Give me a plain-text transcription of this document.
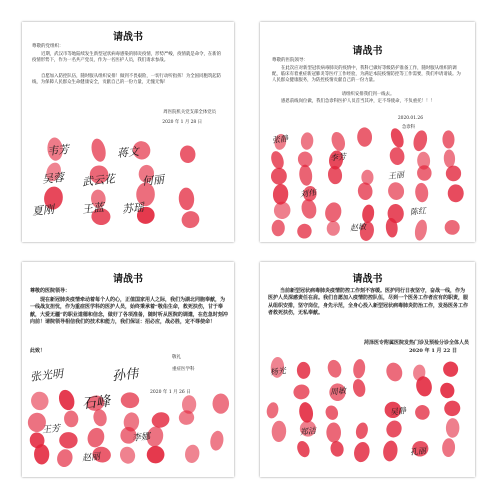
请战书
尊敬的党组织：
近期，武汉市等地陆续发生新型冠状病毒感染的肺炎疫情，形势严峻，疫情就是命令，在新的疫情形势下，作为一名共产党员，作为一名医护人员，我们请求参战。
自愿加入防控队伍，随时服从组织安排！做到不畏艰险，一切行动听指挥！为全国同胞筑起防线，为保障人民群众生命健康安全，贡献自己的一份力量，无愧无悔！
周医院机关党支部全体党员
2020 年 1 月 28 日
韦芳	蒋文
吴蓉 武云花 何丽
夏刚 王蓝 苏瑶
请战书
尊敬的医院领导：
在此次应对新型冠状病毒肺炎的疫情中，我科已做好等级防护准备工作，随时服从组织的调配，临床有着重症新冠肺炎等医疗工作经验，为满足本院疫情防控等工作需要，我们申请请战。为人民群众健康服务，为防控疫情贡献自己的一份力量。
请组织安排我们到一线去。
感恩前线岗位做，我们急诊科医护人员首当其冲，定不辱使命，不负重托！！！
2020.01.26
急诊科
张静
李芳
王丽
刘伟
陈红
赵敏
请战书
尊敬的医院领导：
现在新冠肺炎疫情牵动着每个人的心，正值国家用人之际，我们为湖北同胞奉献，为一线战友担忧，作为重症医学科的医护人员，始终秉承着“敬佑生命，救死扶伤，甘于奉献，大爱无疆”的职业道德和信念，做好了各项准备，随时听从医院的调遣，在危急时刻冲向前！请院领导相信我们的技术和能力，我们保证：招必应，战必胜，定不辱使命！
此致！
敬礼
重症医学科
2020 年 1 月 26 日
张光明	孙伟
石峰
王芳
李娜
赵丽
请战书
当前新型冠状病毒肺炎疫情防控工作刻不容缓。医护同行日夜坚守，奋战一线，作为医护人员深感责任在肩。我们自愿加入疫情防控队伍，尽到一个医务工作者应有的职责，服从组织安排，坚守岗位，身先示范，全身心投入新型冠状病毒肺炎防治工作，发扬医务工作者救死扶伤，无私奉献。
菏泽医专附属医院发热门诊及预检分诊全体人员
2020 年 1 月 22 日
杨光
周敏
吴静
郑洁
孔丽
